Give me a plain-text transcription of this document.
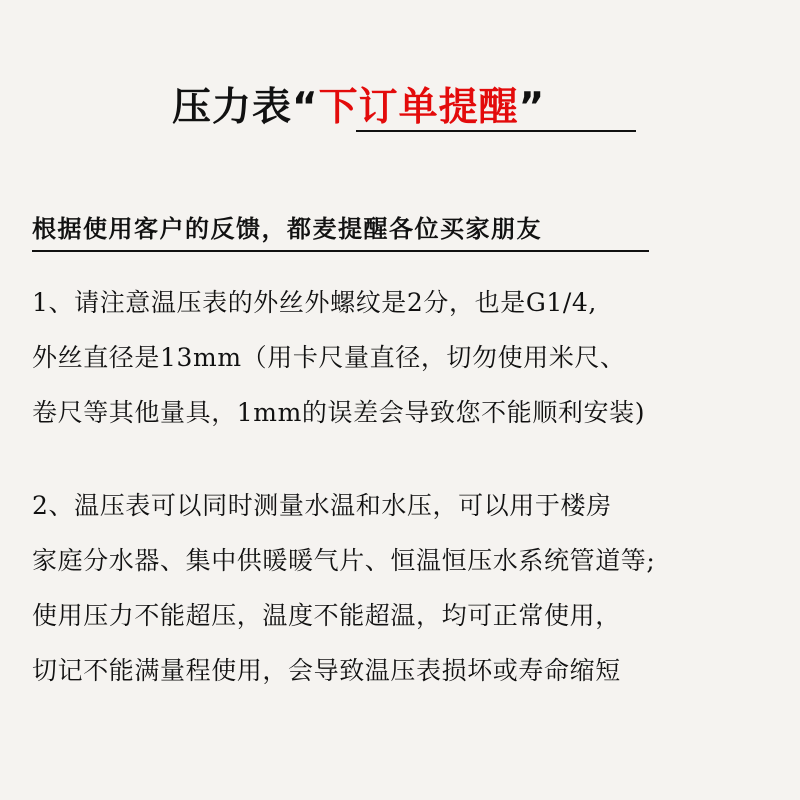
压力表 “ 下订单提醒 ”
根据使用客户的反馈，都麦提醒各位买家朋友
1、请注意温压表的外丝外螺纹是2分，也是G1/4,
外丝直径是13mm（用卡尺量直径，切勿使用米尺、
卷尺等其他量具，1mm的误差会导致您不能顺利安装)
2、温压表可以同时测量水温和水压，可以用于楼房
家庭分水器、集中供暖暖气片、恒温恒压水系统管道等;
使用压力不能超压，温度不能超温，均可正常使用，
切记不能满量程使用，会导致温压表损坏或寿命缩短
